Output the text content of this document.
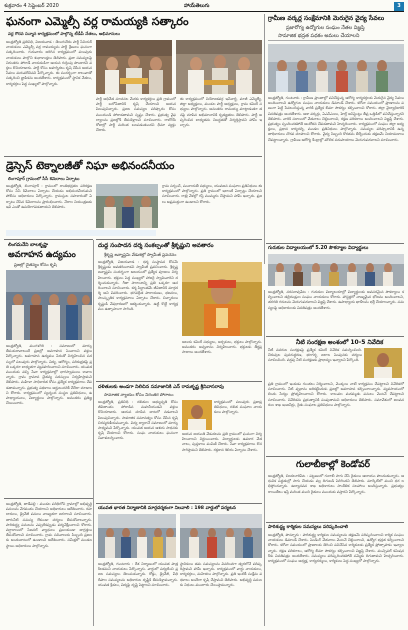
శుక్రవారం 4 సెప్టెంబర్ 2020	హాయ్‌తెలుగు	3
ఘనంగా ఎమ్మెల్సీ వర్ల రామయ్యకి సత్కారం
వర్ల గౌరవ సన్మాన కార్యక్రమంలో పాల్గొన్న టీడీపీ నేతలు, అభిమానులు
ఆంధ్రజ్యోతి ప్రతినిధి, విజయవాడ : తెలుగుదేశం పార్టీ సీనియర్ నాయకులు ఎమ్మెల్సీ వర్ల రామయ్యను పార్టీ శ్రేణులు ఘనంగా సత్కరించారు. గురువారం జరిగిన కార్యక్రమంలో పలువురు నాయకులు పాల్గొని శుభాకాంక్షలు తెలిపారు. ప్రజా సమస్యలపై నిరంతరం పోరాడే నాయకుడిగా ఆయన గుర్తింపు పొందారని వక్తలు కొనియాడారు. పార్టీ కోసం అహర్నిశలు కృషి చేసిన ఆయన సేవలు మరువలేనివని పేర్కొన్నారు. ఈ సందర్భంగా శాలువాతో సత్కరించి జ్ఞాపికను అందజేశారు. కార్యక్రమంలో స్థానిక నేతలు, కార్యకర్తలు పెద్ద సంఖ్యలో పాల్గొన్నారు.
పార్టీ అధినేత సూచనల మేరకు కార్యకర్తలు ప్రతి గ్రామంలో పార్టీ బలోపేతానికి కృషి చేయాలని ఆయన పిలుపునిచ్చారు. ప్రజల సమస్యల పరిష్కారం కోసం ముందుండి పోరాడతామని స్పష్టం చేశారు. ప్రభుత్వ వైఫల్యాలను ప్రజల్లోకి తీసుకెళ్లాలని సూచించారు. రాబోయే రోజుల్లో పార్టీ మరింత బలపడుతుందని ధీమా వ్యక్తం చేశారు.
ఈ కార్యక్రమంలో నియోజకవర్గ ఇన్‌చార్జి, మాజీ ఎమ్మెల్యే, జిల్లా అధ్యక్షులు, మండల పార్టీ అధ్యక్షులు, గ్రామ కమిటీ సభ్యులు పాల్గొన్నారు. అనంతరం రామయ్య మాట్లాడుతూ తనపై చూపిన అభిమానానికి కృతజ్ఞతలు తెలిపారు. పార్టీ అప్పగించిన బాధ్యతను నిబద్ధతతో నిర్వర్తిస్తానని హామీ ఇచ్చారు.
గ్రామీణ వర్కర్ల సంక్షేమానికి మెరుగైన వైద్య సేవలు
ప్రజారోగ్య ఉద్యోగుల సంఘం నేతల విజ్ఞప్తి
సామాజిక భద్రత పథకం అమలు చేయాలని
ఆంధ్రజ్యోతి, గుంటూరు : గ్రామీణ ప్రాంతాల్లో పనిచేస్తున్న ఆరోగ్య కార్యకర్తలకు మెరుగైన వైద్య సేవలు అందించాలని ఉద్యోగుల సంఘం నాయకులు డిమాండ్ చేశారు. కరోనా సమయంలో ప్రాణాలను పణంగా పెట్టి సేవలందిస్తున్న వారికి ప్రత్యేక బీమా సౌకర్యం కల్పించాలని కోరారు. జిల్లా వైద్యాధికారికి వినతిపత్రం అందజేశారు. ఆశా వర్కర్లు, ఏఎన్ఎంలు, హెల్త్ అసిస్టెంట్లు తీవ్ర ఒత్తిడిలో పనిచేస్తున్నారని తెలిపారు. వారికి సకాలంలో వేతనాలు చెల్లించాలని, రక్షణ పరికరాలు అందించాలని విజ్ఞప్తి చేశారు. ప్రభుత్వం స్పందించకపోతే ఆందోళన చేపడతామని హెచ్చరించారు. కార్యక్రమంలో సంఘం జిల్లా అధ్యక్షులు, ప్రధాన కార్యదర్శి, మండల ప్రతినిధులు పాల్గొన్నారు. సమస్యల పరిష్కారానికి ఉన్నతాధికారులు చొరవ చూపాలని కోరారు. వైద్య సిబ్బంది కొరతను తీర్చేందుకు తక్షణమే నియామకాలు చేపట్టాలన్నారు. గ్రామీణ ఆరోగ్య కేంద్రాల్లో మౌలిక సదుపాయాలు మెరుగుపరచాలని సూచించారు.
డ్రెస్సెస్ టెక్నాలజీతో నిఘా అభినందనీయం
లింగాపూర్ గ్రామంలో సీసీ కెమెరాలు ఏర్పాటు
ఆంధ్రజ్యోతి, లింగాపూర్ : గ్రామంలో శాంతిభద్రతల పరిరక్షణ కోసం సీసీ కెమెరాలు ఏర్పాటు చేయడం అభినందనీయమని పోలీసు అధికారులు పేర్కొన్నారు. గ్రామస్తుల సహకారంతో ఏర్పాటు చేసిన కెమెరాలను ప్రారంభించారు. నేరాల నియంత్రణకు ఇవి ఎంతో ఉపయోగపడతాయని తెలిపారు.
గ్రామ సర్పంచ్, పంచాయతీ సభ్యులు, యువజన సంఘాల ప్రతినిధులు ఈ కార్యక్రమంలో పాల్గొన్నారు. ప్రతి గ్రామంలో ఇలాంటి ఏర్పాట్లు చేయాలని సూచించారు. రాత్రి వేళల్లో గస్తీ ముమ్మరం చేస్తామని హామీ ఇచ్చారు. ప్రజలు అప్రమత్తంగా ఉండాలని కోరారు.
లింగమనేని బాలకృష్ణా
అవగాహన ఉద్యమం
ప్రజల్లో చైతన్యం కోసం కృషి
ఆంధ్రజ్యోతి, మంగళగిరి : సమాజంలో మార్పు తీసుకురావాలంటే ప్రజల్లో అవగాహన పెంచాలని వక్తలు పేర్కొన్నారు. అవగాహన ఉద్యమం పేరుతో నిర్వహించిన సదస్సులో పలువురు పాల్గొన్నారు. విద్య, ఆరోగ్యం, పరిశుభ్రతపై ప్రతి ఒక్కరూ బాధ్యతగా వ్యవహరించాలని సూచించారు. యువత ముందుకు వచ్చి సేవా కార్యక్రమాల్లో భాగస్వాములు కావాలన్నారు. గ్రామ గ్రామాన చైతన్య సదస్సులు నిర్వహిస్తామని తెలిపారు. మహిళా సాధికారత కోసం ప్రత్యేక కార్యక్రమాలు చేపడతామన్నారు. ప్రభుత్వ పథకాలు అర్హులందరికీ చేరేలా చూడాలని కోరారు. కార్యక్రమంలో స్వచ్ఛంద సంస్థల ప్రతినిధులు, ఉపాధ్యాయులు, విద్యార్థులు పాల్గొన్నారు. అనంతరం ప్రతిజ్ఞ చేయించారు.
ఆంధ్రజ్యోతి, తాడేపల్లి : మండల పరిధిలోని గ్రామాల్లో అభివృద్ధి పనులను వేగవంతం చేయాలని అధికారులు ఆదేశించారు. రహదారులు, డ్రైనేజీ పనులు నాణ్యతగా జరగాలని సూచించారు. తాగునీటి సమస్య లేకుండా చర్యలు తీసుకోవాలన్నారు. పారిశుద్ధ్య పనులను ఎప్పటికప్పుడు పర్యవేక్షించాలని కోరారు. వర్షాకాలంలో సీజనల్ వ్యాధులు ప్రబలకుండా జాగ్రత్తలు తీసుకోవాలని సూచించారు. గ్రామ సచివాలయ సిబ్బంది ప్రజలకు అందుబాటులో ఉండాలని ఆదేశించారు. సమీక్షలో మండల స్థాయి అధికారులు పాల్గొన్నారు.
దుద్ద సంపాదన దర్శ సంకల్పంతో శ్రీకృష్ణుని అవతారం
శ్రీకృష్ణ జన్మాష్టమి వేడుకల్లో స్వామీజీ ప్రవచనం
ఆంధ్రజ్యోతి, విజయవాడ : ధర్మ సంస్థాపన కోసమే శ్రీకృష్ణుడు అవతరించాడని స్వామీజీ ప్రవచించారు. శ్రీకృష్ణ జన్మాష్టమి సందర్భంగా ఆలయంలో ప్రత్యేక పూజలు నిర్వహించారు. భక్తులు పెద్ద సంఖ్యలో హాజరై స్వామివారిని దర్శించుకున్నారు. గీతా సారాంశాన్ని ప్రతి ఒక్కరూ ఆచరించాలని సూచించారు. కర్మ సిద్ధాంతమే జీవితానికి మార్గదర్శి అని వివరించారు. భగవద్గీత పారాయణం, భజనలు, సాంస్కృతిక కార్యక్రమాలు ఏర్పాటు చేశారు. చిన్నారులు కృష్ణుడి వేషధారణలో ఆకట్టుకున్నారు. ఉట్టి కొట్టే కార్యక్రమం ఉత్సాహంగా సాగింది.
ఆలయ కమిటీ సభ్యులు, అర్చకులు, భక్తులు పాల్గొన్నారు. అనంతరం అన్నదానం నిర్వహించారు. భక్తులకు తీర్థప్రసాదాలు అందజేశారు.
దళితులకు అండగా నిలిచిన సమాజానికి ఎన్ రామకృష్ణ శ్రీనివాసరావు
సామాజిక న్యాయం కోసం నిరంతర పోరాటం
ఆంధ్రజ్యోతి, ప్రతినిధి : దళితుల అభ్యున్నతి కోసం జీవితాంతం పోరాడిన మహనీయుడని వక్తలు కొనియాడారు. ఆయన చూపిన బాటలో నడవాలని పిలుపునిచ్చారు. సామాజిక సమానత్వం కోసం చేసిన కృషి చిరస్మరణీయమన్నారు. విద్య ద్వారానే సమాజంలో మార్పు సాధ్యమని పేర్కొన్నారు. యువత ఆయన ఆశయ సాధనకు కృషి చేయాలని కోరారు. సంఘ నాయకులు ఘనంగా నివాళులర్పించారు.
కార్యక్రమంలో పలువురు ప్రజాప్రతినిధులు, దళిత సంఘాల నాయకులు పాల్గొన్నారు.
ఆయన జయంతి వేడుకలను ప్రతి గ్రామంలో ఘనంగా నిర్వహించాలని నిర్ణయించారు. విద్యార్థులకు ఉపకార వేతనాలు, పుస్తకాలు పంపిణీ చేశారు. సేవా కార్యక్రమాలు కొనసాగిస్తామని తెలిపారు. రక్తదాన శిబిరం ఏర్పాటు చేశారు.
యువత భారత నిర్మాణానికి మార్గదర్శకంగా నిలవాలి : 198 వార్డులో పర్యటన
ఆంధ్రజ్యోతి, గుంటూరు : దేశ నిర్మాణంలో యువత పాత్ర కీలకమని నాయకులు పేర్కొన్నారు. వార్డులో పర్యటించి ప్రజల సమస్యలు తెలుసుకున్నారు. రోడ్లు, డ్రైనేజీ, వీధి దీపాల సమస్యలను అధికారుల దృష్టికి తీసుకెళ్తామన్నారు. యువత క్రీడలు, విద్యపై దృష్టి పెట్టాలని సూచించారు.
స్థానికులు తమ సమస్యలను వివరించగా త్వరలోనే పరిష్కరిస్తామని హామీ ఇచ్చారు. కార్యక్రమంలో వార్డు నాయకులు, కార్యకర్తలు, మహిళలు పాల్గొన్నారు. ప్రతి ఇంటికీ సంక్షేమ పథకాలు అందేలా కృషి చేస్తామని తెలిపారు. అభివృద్ధి పనులకు నిధులు మంజూరు చేయిస్తామన్నారు.
గురుకుల విద్యాలయంలో 5.20 సౌకర్యాల విద్యార్థులు
ఆంధ్రజ్యోతి, నరసరావుపేట : గురుకుల విద్యాలయాల్లో విద్యార్థులకు అవసరమైన సౌకర్యాలు కల్పించాలని తల్లిదండ్రుల సంఘం నాయకులు కోరారు. హాస్టళ్లలో నాణ్యమైన భోజనం అందించాలని, తరగతి గదులను మెరుగుపరచాలని విజ్ఞప్తి చేశారు. ఉపాధ్యాయ ఖాళీలను భర్తీ చేయాలన్నారు. సమస్యలపై అధికారులకు వినతిపత్రం అందజేశారు.
నీటి సంరక్షణ అంశంలో 10-5 నివేదిక
నీటి వనరుల సంరక్షణపై ప్రత్యేక కమిటీ నివేదిక సమర్పించింది. చెరువుల పునరుద్ధరణ, భూగర్భ జలాల పెంపునకు చర్యలు సూచించింది. వర్షపు నీటి సంరక్షణకు ప్రాధాన్యం ఇవ్వాలని పేర్కొంది.
ప్రతి గ్రామంలో ఇంకుడు గుంతలు నిర్మించాలని, మొక్కలు నాటే కార్యక్రమం చేపట్టాలని నివేదికలో సూచించారు. నీటి వృథాను అరికట్టేందుకు ప్రజల్లో అవగాహన కల్పించాలన్నారు. వ్యవసాయంలో బిందు సేద్యం ప్రోత్సహించాలని కోరారు. కాలువల మరమ్మతు పనులు వెంటనే చేపట్టాలని సూచించారు. నివేదికను ప్రభుత్వానికి పంపుతామని అధికారులు తెలిపారు. సమావేశంలో జలవనరుల శాఖ ఇంజనీర్లు, రైతు సంఘాల ప్రతినిధులు పాల్గొన్నారు.
గులాబీకాల్లో కెండోవర్
ఆంధ్రజ్యోతి, చిలకలూరిపేట : పట్టణంలో గులాబీ సాగు చేసే రైతులు ఆదాయం పొందుతున్నారు. ఆధునిక పద్ధతుల్లో సాగు చేయడం వల్ల దిగుబడి పెరిగిందని తెలిపారు. మార్కెట్‌లో మంచి ధర లభిస్తోందన్నారు. ఉద్యానవన శాఖ అధికారులు సాంకేతిక సలహాలు అందిస్తున్నారు. ప్రభుత్వం రాయితీలు ఇస్తే మరింత మంది రైతులు ముందుకు వస్తారని పేర్కొన్నారు.
పారిశుద్ధ్య కార్మికుల సమస్యలు పరిష్కరించాలి
ఆంధ్రజ్యోతి, పొన్నూరు : పారిశుద్ధ్య కార్మికుల సమస్యలను తక్షణమే పరిష్కరించాలని కార్మిక సంఘం నాయకులు డిమాండ్ చేశారు. పెండింగ్ వేతనాలు వెంటనే చెల్లించాలని, ఉద్యోగ భద్రత కల్పించాలని కోరారు. కరోనా సమయంలో ప్రాణాలకు తెగించి పనిచేసిన కార్మికులకు ప్రత్యేక ప్రోత్సాహకం ఇవ్వాలన్నారు. రక్షణ పరికరాలు, ఆరోగ్య బీమా సౌకర్యం కల్పించాలని విజ్ఞప్తి చేశారు. మున్సిపల్ కమిషనర్‌కు వినతిపత్రం అందజేశారు. సమస్యలు పరిష్కరించకపోతే సమ్మెకు దిగుతామని హెచ్చరించారు. కార్యక్రమంలో సంఘం అధ్యక్ష, కార్యదర్శులు, కార్మికులు పెద్ద సంఖ్యలో పాల్గొన్నారు.
